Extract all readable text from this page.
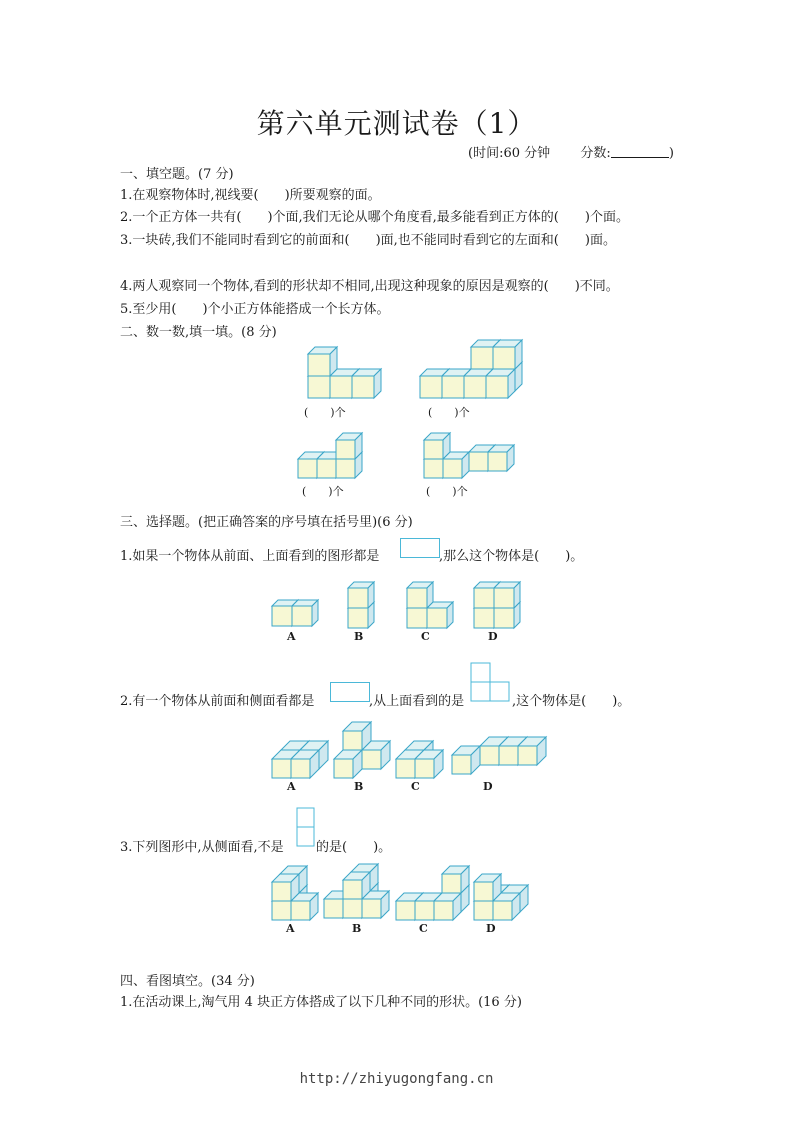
第六单元测试卷（1）
(时间:60 分钟 分数:	)
一、填空题。(7 分)
1.在观察物体时,视线要(　　)所要观察的面。
2.一个正方体一共有(　　)个面,我们无论从哪个角度看,最多能看到正方体的(　　)个面。
3.一块砖,我们不能同时看到它的前面和(　　)面,也不能同时看到它的左面和(　　)面。
4.两人观察同一个物体,看到的形状却不相同,出现这种现象的原因是观察的(　　)不同。
5.至少用(　　)个小正方体能搭成一个长方体。
二、数一数,填一填。(8 分)
(　　)个	(　　)个
(　　)个	(　　)个
三、选择题。(把正确答案的序号填在括号里)(6 分)
1.如果一个物体从前面、上面看到的图形都是	,那么这个物体是(　　)。
A	B	C	D
2.有一个物体从前面和侧面看都是	,从上面看到的是	,这个物体是(　　)。
A	B	C	D
3.下列图形中,从侧面看,不是 的是(　　)。
A	B	C	D
四、看图填空。(34 分)
1.在活动课上,淘气用 4 块正方体搭成了以下几种不同的形状。(16 分)
http://zhiyugongfang.cn
